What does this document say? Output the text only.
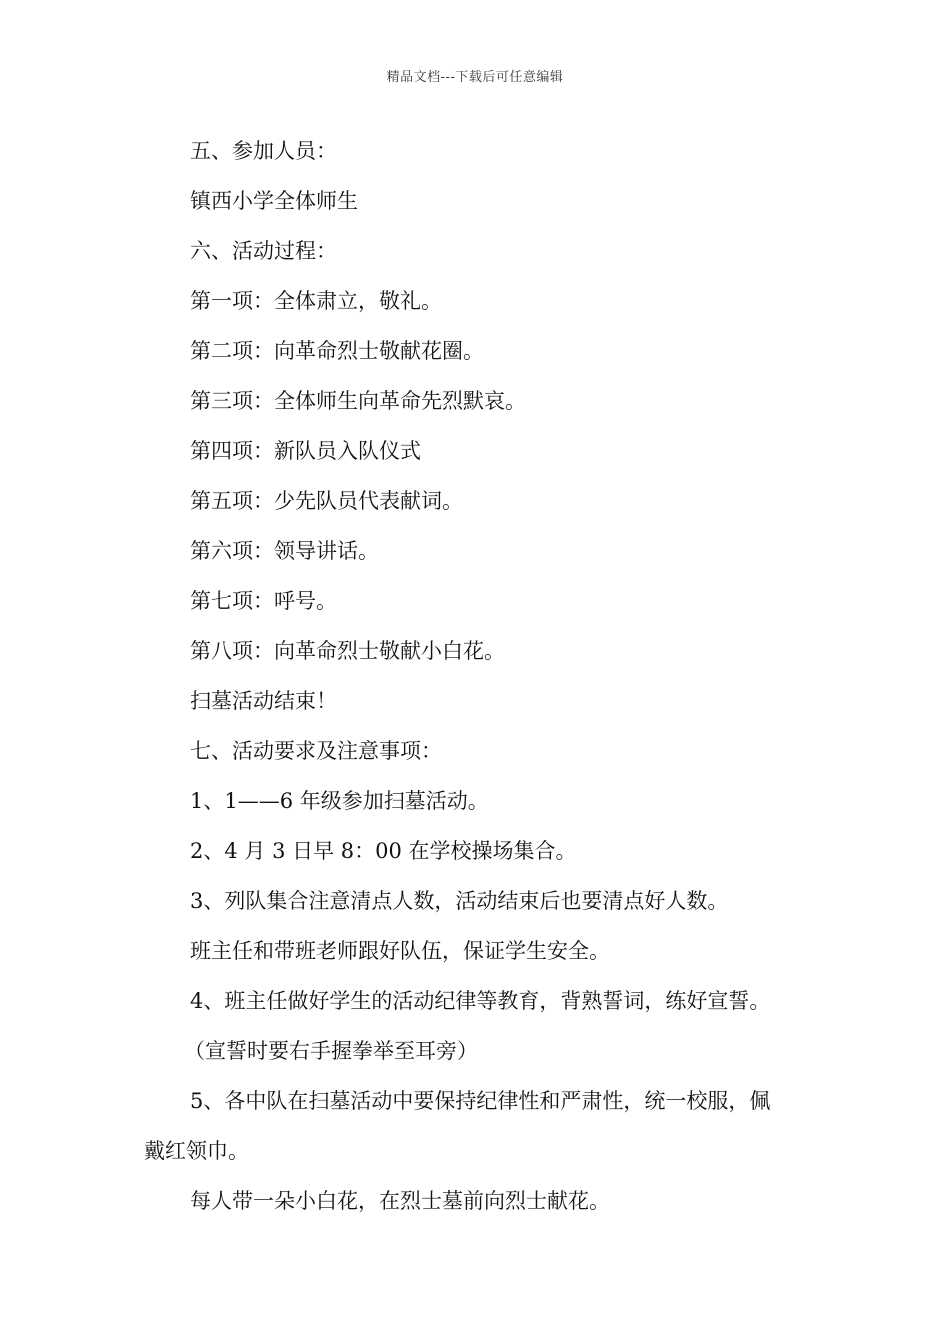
精品文档---下载后可任意编辑
五、参加人员：
镇西小学全体师生
六、活动过程：
第一项：全体肃立，敬礼。
第二项：向革命烈士敬献花圈。
第三项：全体师生向革命先烈默哀。
第四项：新队员入队仪式
第五项：少先队员代表献词。
第六项：领导讲话。
第七项：呼号。
第八项：向革命烈士敬献小白花。
扫墓活动结束！
七、活动要求及注意事项：
1、1——6 年级参加扫墓活动。
2、4 月 3 日早 8：00 在学校操场集合。
3、列队集合注意清点人数，活动结束后也要清点好人数。
班主任和带班老师跟好队伍，保证学生安全。
4、班主任做好学生的活动纪律等教育，背熟誓词，练好宣誓。
（宣誓时要右手握拳举至耳旁）
5、各中队在扫墓活动中要保持纪律性和严肃性，统一校服，佩
戴红领巾。
每人带一朵小白花，在烈士墓前向烈士献花。
